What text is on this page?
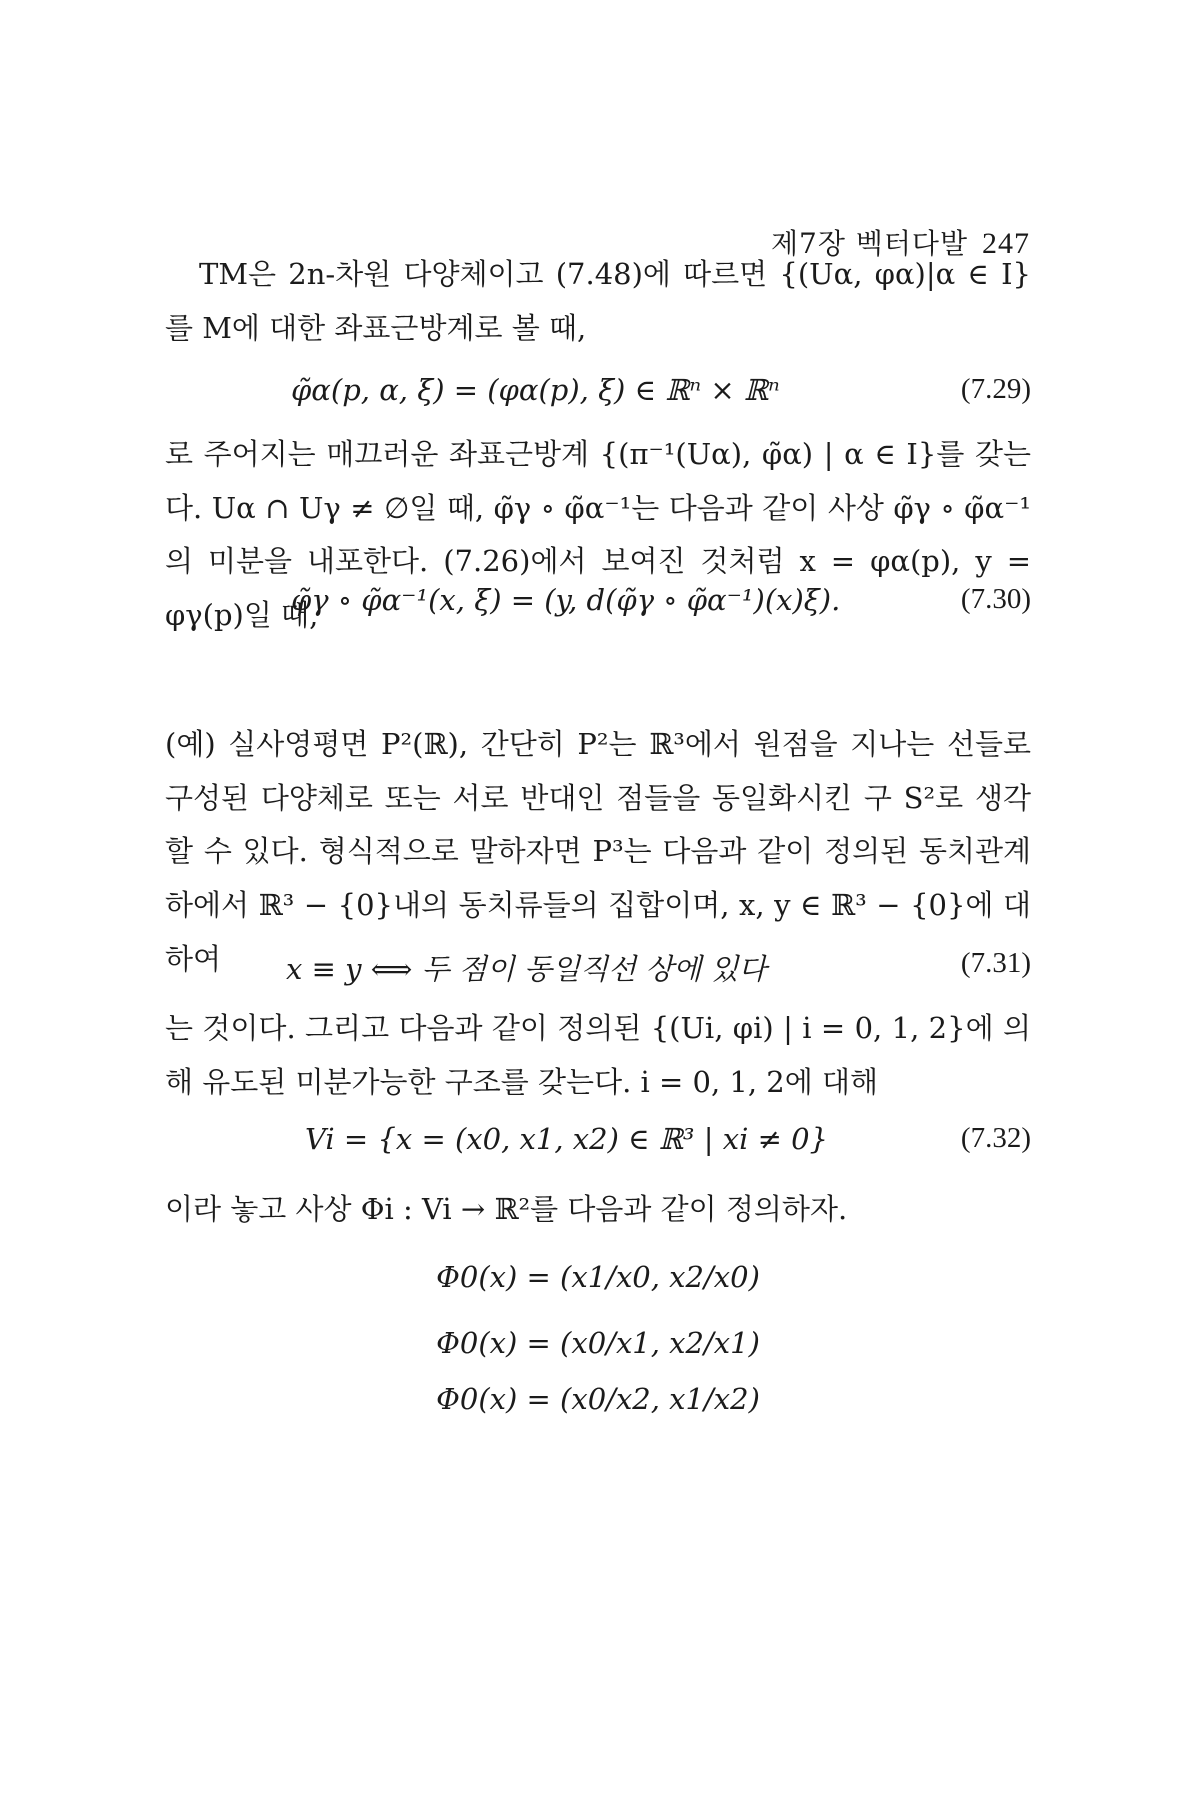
제7장 벡터다발 247

TM은 2n-차원 다양체이고 (7.48)에 따르면 {(Uα, φα)|α ∈ I}를 M에 대한 좌표근방계로 볼 때,

φ̃α(p, α, ξ) = (φα(p), ξ) ∈ ℝⁿ × ℝⁿ	(7.29)

로 주어지는 매끄러운 좌표근방계 {(π⁻¹(Uα), φ̃α) | α ∈ I}를 갖는다. Uα ∩ Uγ ≠ ∅일 때, φ̃γ ∘ φ̃α⁻¹는 다음과 같이 사상 φ̃γ ∘ φ̃α⁻¹의 미분을 내포한다. (7.26)에서 보여진 것처럼 x = φα(p), y = φγ(p)일 때,

φ̃γ ∘ φ̃α⁻¹(x, ξ) = (y, d(φ̃γ ∘ φ̃α⁻¹)(x)ξ).	(7.30)

(예) 실사영평면 P²(ℝ), 간단히 P²는 ℝ³에서 원점을 지나는 선들로 구성된 다양체로 또는 서로 반대인 점들을 동일화시킨 구 S²로 생각할 수 있다. 형식적으로 말하자면 P³는 다음과 같이 정의된 동치관계하에서 ℝ³ − {0}내의 동치류들의 집합이며, x, y ∈ ℝ³ − {0}에 대하여	x ≡ y ⟺ 두 점이 동일직선 상에 있다	(7.31)

는 것이다. 그리고 다음과 같이 정의된 {(Ui, φi) | i = 0, 1, 2}에 의해 유도된 미분가능한 구조를 갖는다. i = 0, 1, 2에 대해

Vi = {x = (x0, x1, x2) ∈ ℝ³ | xi ≠ 0}	(7.32)

이라 놓고 사상 Φi : Vi → ℝ²를 다음과 같이 정의하자.

Φ0(x) = (x1/x0, x2/x0)
Φ0(x) = (x0/x1, x2/x1)
Φ0(x) = (x0/x2, x1/x2)
